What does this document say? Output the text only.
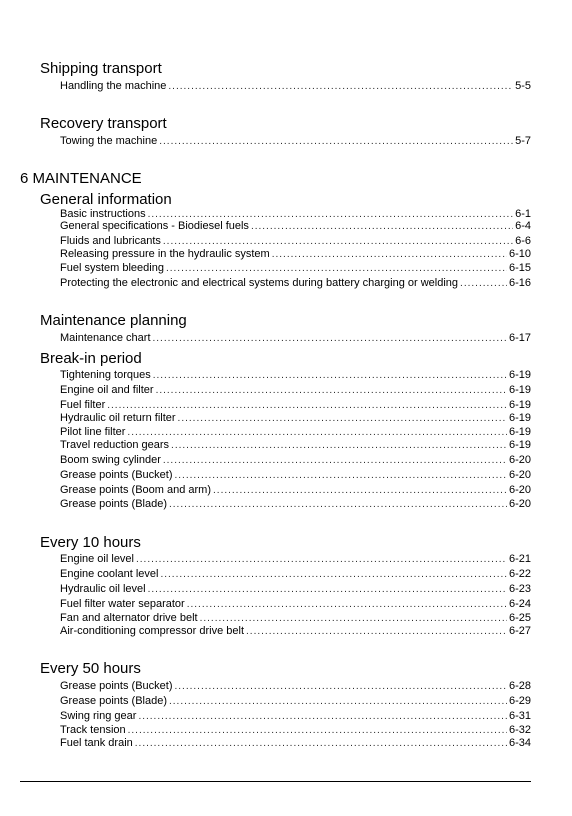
Shipping transport
Handling the machine .....	5-5
Recovery transport
Towing the machine .....	5-7
6 MAINTENANCE
General information
Basic instructions .....	6-1
General specifications - Biodiesel fuels .....	6-4
Fluids and lubricants .....	6-6
Releasing pressure in the hydraulic system .....	6-10
Fuel system bleeding .....	6-15
Protecting the electronic and electrical systems during battery charging or welding .....	6-16
Maintenance planning
Maintenance chart .....	6-17
Break-in period
Tightening torques .....	6-19
Engine oil and filter .....	6-19
Fuel filter .....	6-19
Hydraulic oil return filter .....	6-19
Pilot line filter .....	6-19
Travel reduction gears .....	6-19
Boom swing cylinder .....	6-20
Grease points (Bucket) .....	6-20
Grease points (Boom and arm) .....	6-20
Grease points (Blade) .....	6-20
Every 10 hours
Engine oil level .....	6-21
Engine coolant level .....	6-22
Hydraulic oil level .....	6-23
Fuel filter water separator .....	6-24
Fan and alternator drive belt .....	6-25
Air-conditioning compressor drive belt .....	6-27
Every 50 hours
Grease points (Bucket) .....	6-28
Grease points (Blade) .....	6-29
Swing ring gear .....	6-31
Track tension .....	6-32
Fuel tank drain .....	6-34
